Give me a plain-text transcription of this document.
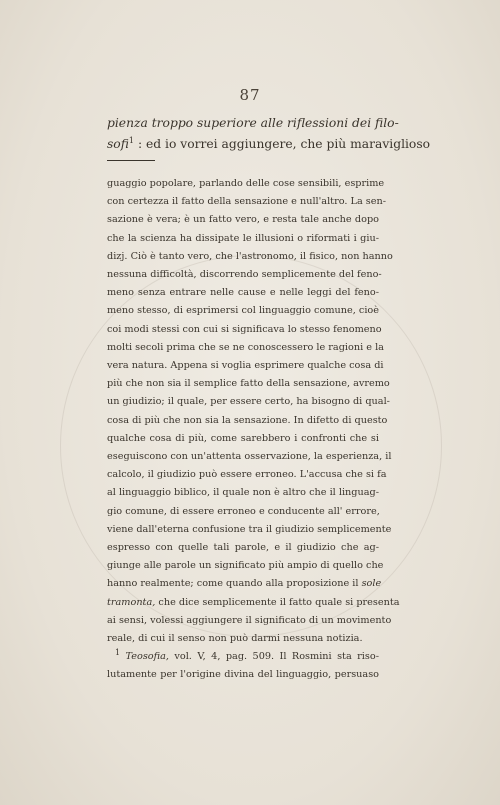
87

pienza troppo superiore alle riflessioni dei filo-

sofi$^1$ : ed io vorrei aggiungere, che più maraviglioso

guaggio popolare, parlando delle cose sensibili, esprime
con certezza il fatto della sensazione e null'altro. La sen-
sazione è vera; è un fatto vero, e resta tale anche dopo
che la scienza ha dissipate le illusioni o riformati i giu-
dizj. Ciò è tanto vero, che l'astronomo, il fisico, non hanno
nessuna difficoltà, discorrendo semplicemente del feno-
meno senza entrare nelle cause e nelle leggi del feno-
meno stesso, di esprimersi col linguaggio comune, cioè
coi modi stessi con cui si significava lo stesso fenomeno
molti secoli prima che se ne conoscessero le ragioni e la
vera natura. Appena si voglia esprimere qualche cosa di
più che non sia il semplice fatto della sensazione, avremo
un giudizio; il quale, per essere certo, ha bisogno di qual-
cosa di più che non sia la sensazione. In difetto di questo
qualche cosa di più, come sarebbero i confronti che si
eseguiscono con un'attenta osservazione, la esperienza, il
calcolo, il giudizio può essere erroneo. L'accusa che si fa
al linguaggio biblico, il quale non è altro che il linguag-
gio comune, di essere erroneo e conducente all' errore,
viene dall'eterna confusione tra il giudizio semplicemente
espresso con quelle tali parole, e il giudizio che ag-
giunge alle parole un significato più ampio di quello che
hanno realmente; come quando alla proposizione il sole
tramonta, che dice semplicemente il fatto quale si presenta
ai sensi, volessi aggiungere il significato di un movimento
reale, di cui il senso non può darmi nessuna notizia.
$^1$ Teosofia, vol. V, 4, pag. 509. Il Rosmini sta riso-
lutamente per l'origine divina del linguaggio, persuaso
